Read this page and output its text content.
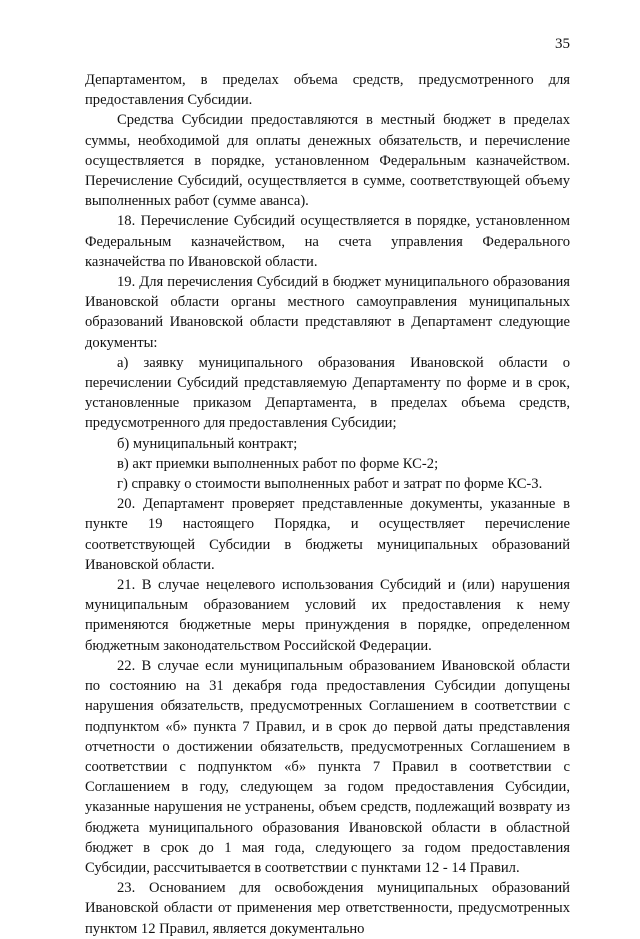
35

Департаментом, в пределах объема средств, предусмотренного для предоставления Субсидии.

Средства Субсидии предоставляются в местный бюджет в пределах суммы, необходимой для оплаты денежных обязательств, и перечисление осуществляется в порядке, установленном Федеральным казначейством. Перечисление Субсидий, осуществляется в сумме, соответствующей объему выполненных работ (сумме аванса).

18. Перечисление Субсидий осуществляется в порядке, установленном Федеральным казначейством, на счета управления Федерального казначейства по Ивановской области.

19. Для перечисления Субсидий в бюджет муниципального образования Ивановской области органы местного самоуправления муниципальных образований Ивановской области представляют в Департамент следующие документы:

а) заявку муниципального образования Ивановской области о перечислении Субсидий представляемую Департаменту по форме и в срок, установленные приказом Департамента, в пределах объема средств, предусмотренного для предоставления Субсидии;

б) муниципальный контракт;

в) акт приемки выполненных работ по форме КС-2;

г) справку о стоимости выполненных работ и затрат по форме КС-3.

20. Департамент проверяет представленные документы, указанные в пункте 19 настоящего Порядка, и осуществляет перечисление соответствующей Субсидии в бюджеты муниципальных образований Ивановской области.

21. В случае нецелевого использования Субсидий и (или) нарушения муниципальным образованием условий их предоставления к нему применяются бюджетные меры принуждения в порядке, определенном бюджетным законодательством Российской Федерации.

22. В случае если муниципальным образованием Ивановской области по состоянию на 31 декабря года предоставления Субсидии допущены нарушения обязательств, предусмотренных Соглашением в соответствии с подпунктом «б» пункта 7 Правил, и в срок до первой даты представления отчетности о достижении обязательств, предусмотренных Соглашением в соответствии с подпунктом «б» пункта 7 Правил в соответствии с Соглашением в году, следующем за годом предоставления Субсидии, указанные нарушения не устранены, объем средств, подлежащий возврату из бюджета муниципального образования Ивановской области в областной бюджет в срок до 1 мая года, следующего за годом предоставления Субсидии, рассчитывается в соответствии с пунктами 12 - 14 Правил.

23. Основанием для освобождения муниципальных образований Ивановской области от применения мер ответственности, предусмотренных пунктом 12 Правил, является документально
